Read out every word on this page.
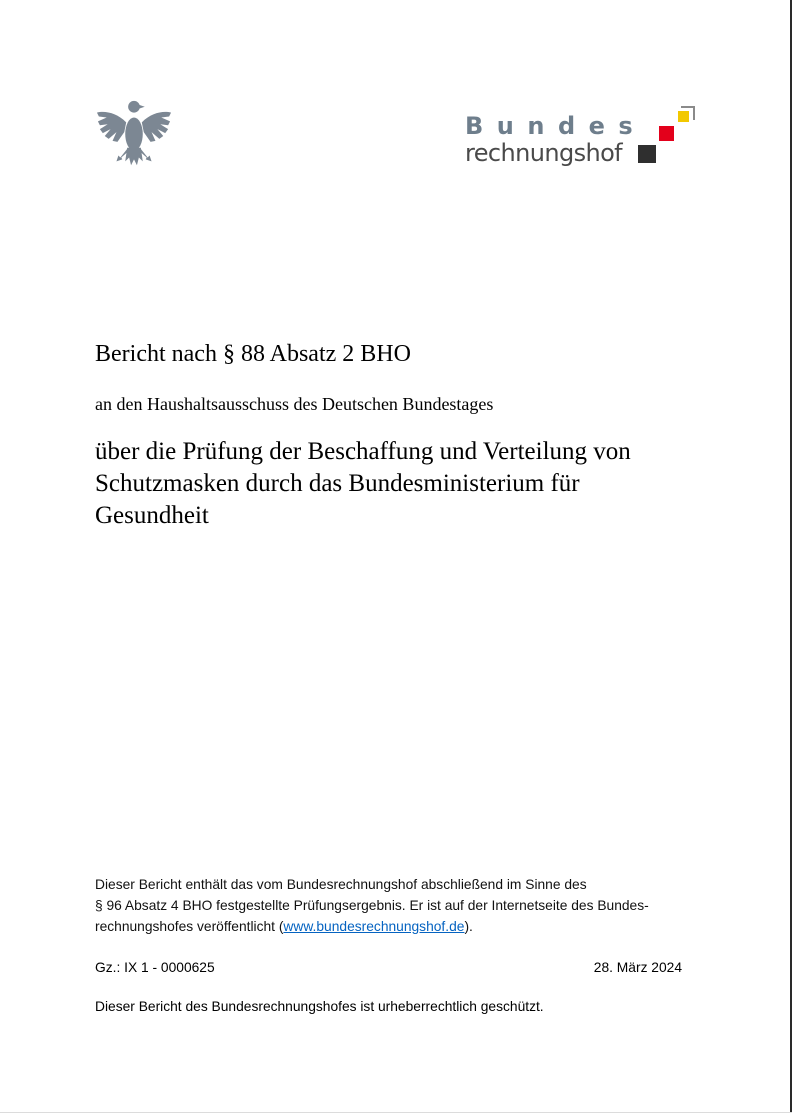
Bundes
rechnungshof
Bericht nach § 88 Absatz 2 BHO
an den Haushaltsausschuss des Deutschen Bundestages
über die Prüfung der Beschaffung und Verteilung von
Schutzmasken durch das Bundesministerium für
Gesundheit
Dieser Bericht enthält das vom Bundesrechnungshof abschließend im Sinne des
§ 96 Absatz 4 BHO festgestellte Prüfungsergebnis. Er ist auf der Internetseite des Bundes-
rechnungshofes veröffentlicht (www.bundesrechnungshof.de).
Gz.: IX 1 - 0000625	28. März 2024
Dieser Bericht des Bundesrechnungshofes ist urheberrechtlich geschützt.
